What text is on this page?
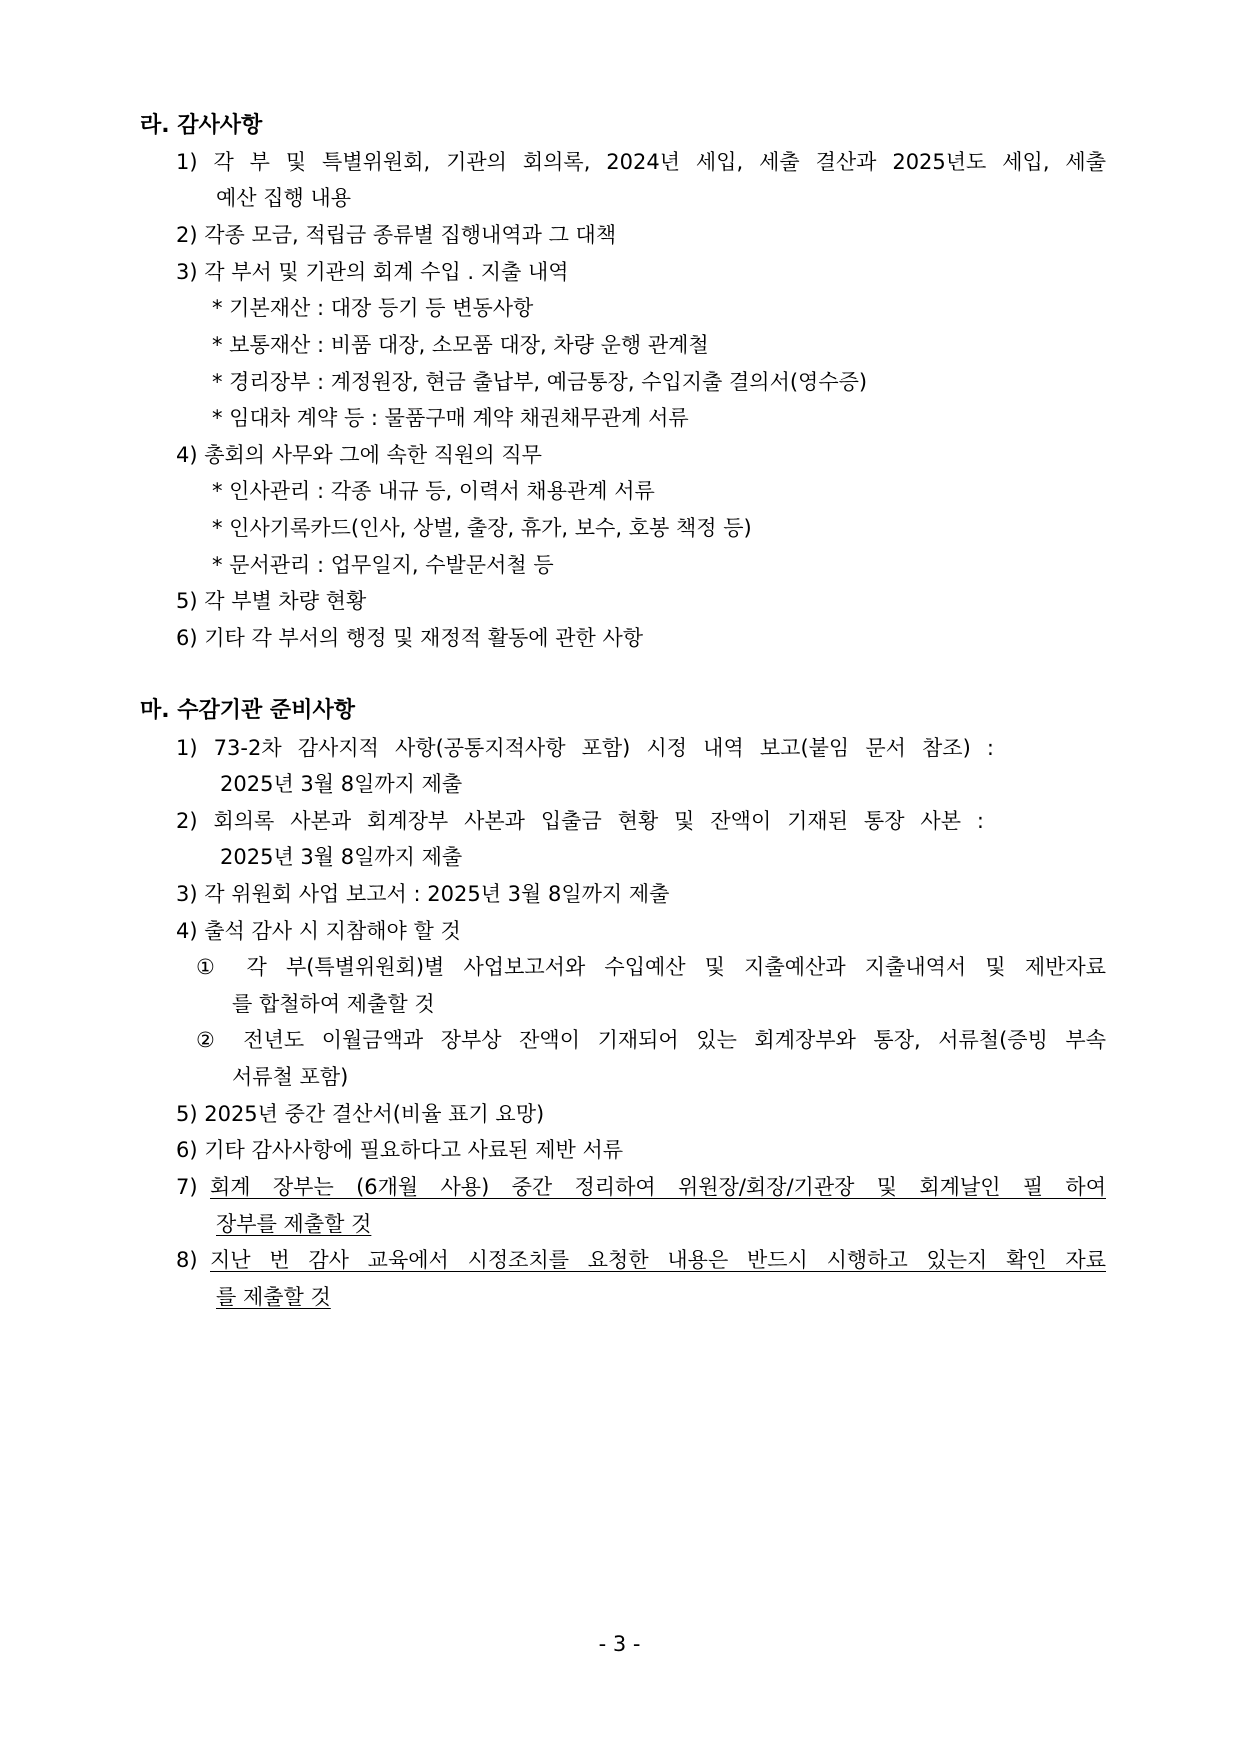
라. 감사사항
1) 각 부 및 특별위원회, 기관의 회의록, 2024년 세입, 세출 결산과 2025년도 세입, 세출
예산 집행 내용
2) 각종 모금, 적립금 종류별 집행내역과 그 대책
3) 각 부서 및 기관의 회계 수입 . 지출 내역
* 기본재산 : 대장 등기 등 변동사항
* 보통재산 : 비품 대장, 소모품 대장, 차량 운행 관계철
* 경리장부 : 계정원장, 현금 출납부, 예금통장, 수입지출 결의서(영수증)
* 임대차 계약 등 : 물품구매 계약 채권채무관계 서류
4) 총회의 사무와 그에 속한 직원의 직무
* 인사관리 : 각종 내규 등, 이력서 채용관계 서류
* 인사기록카드(인사, 상벌, 출장, 휴가, 보수, 호봉 책정 등)
* 문서관리 : 업무일지, 수발문서철 등
5) 각 부별 차량 현황
6) 기타 각 부서의 행정 및 재정적 활동에 관한 사항
마. 수감기관 준비사항
1) 73-2차 감사지적 사항(공통지적사항 포함) 시정 내역 보고(붙임 문서 참조) :
2025년 3월 8일까지 제출
2) 회의록 사본과 회계장부 사본과 입출금 현황 및 잔액이 기재된 통장 사본 :
2025년 3월 8일까지 제출
3) 각 위원회 사업 보고서 : 2025년 3월 8일까지 제출
4) 출석 감사 시 지참해야 할 것
① 각 부(특별위원회)별 사업보고서와 수입예산 및 지출예산과 지출내역서 및 제반자료
를 합철하여 제출할 것
② 전년도 이월금액과 장부상 잔액이 기재되어 있는 회계장부와 통장, 서류철(증빙 부속
서류철 포함)
5) 2025년 중간 결산서(비율 표기 요망)
6) 기타 감사사항에 필요하다고 사료된 제반 서류
7) 회계 장부는 (6개월 사용) 중간 정리하여 위원장/회장/기관장 및 회계날인 필 하여
장부를 제출할 것
8) 지난 번 감사 교육에서 시정조치를 요청한 내용은 반드시 시행하고 있는지 확인 자료
를 제출할 것
- 3 -
